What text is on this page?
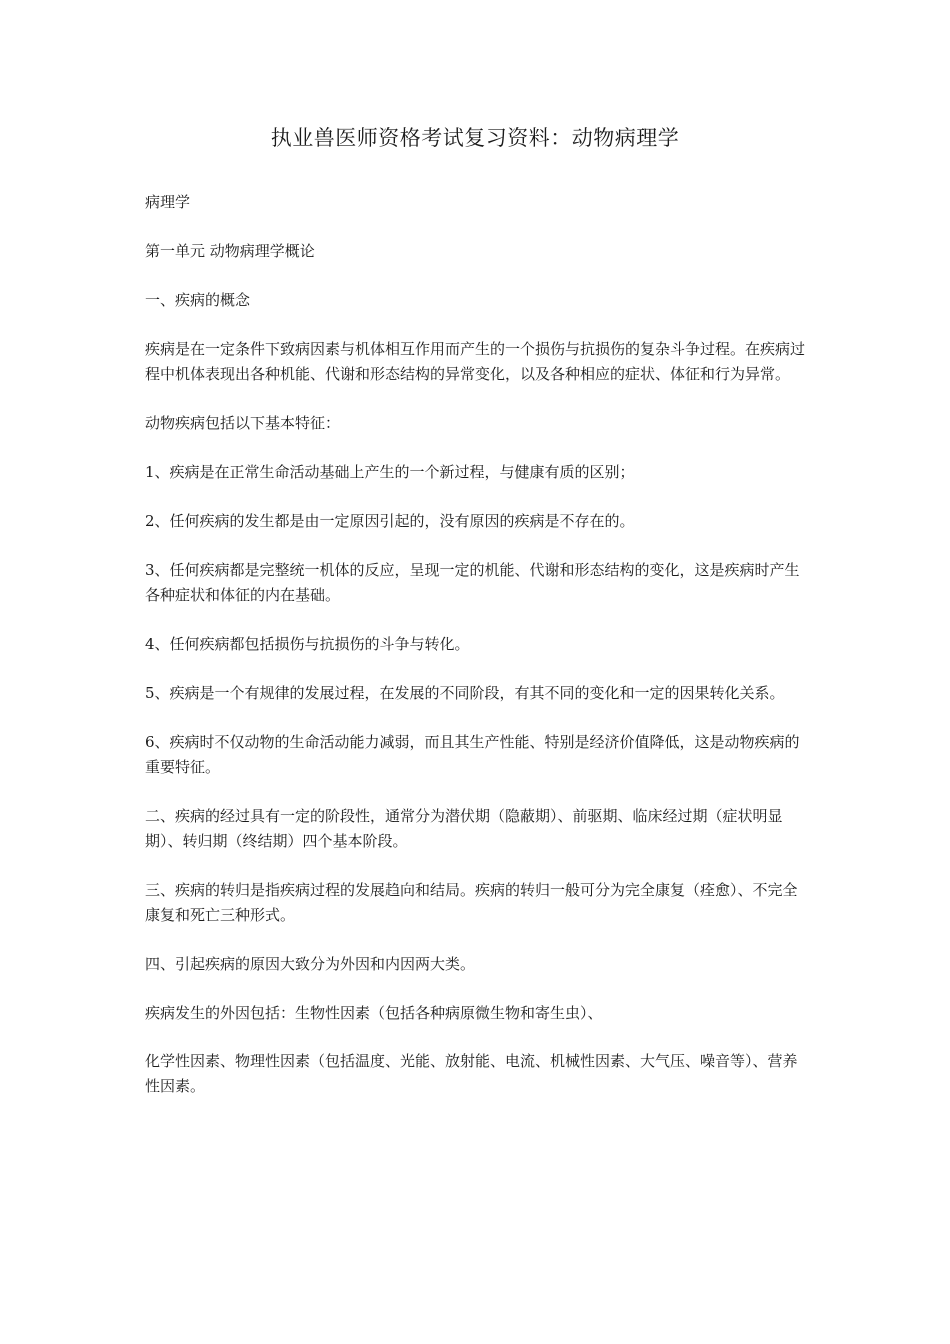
执业兽医师资格考试复习资料：动物病理学

病理学

第一单元 动物病理学概论

一、疾病的概念

疾病是在一定条件下致病因素与机体相互作用而产生的一个损伤与抗损伤的复杂斗争过程。在疾病过程中机体表现出各种机能、代谢和形态结构的异常变化，以及各种相应的症状、体征和行为异常。

动物疾病包括以下基本特征：

1、疾病是在正常生命活动基础上产生的一个新过程，与健康有质的区别；

2、任何疾病的发生都是由一定原因引起的，没有原因的疾病是不存在的。

3、任何疾病都是完整统一机体的反应，呈现一定的机能、代谢和形态结构的变化，这是疾病时产生各种症状和体征的内在基础。

4、任何疾病都包括损伤与抗损伤的斗争与转化。

5、疾病是一个有规律的发展过程，在发展的不同阶段，有其不同的变化和一定的因果转化关系。

6、疾病时不仅动物的生命活动能力减弱，而且其生产性能、特别是经济价值降低，这是动物疾病的重要特征。

二、疾病的经过具有一定的阶段性，通常分为潜伏期（隐蔽期）、前驱期、临床经过期（症状明显期）、转归期（终结期）四个基本阶段。

三、疾病的转归是指疾病过程的发展趋向和结局。疾病的转归一般可分为完全康复（痊愈）、不完全康复和死亡三种形式。

四、引起疾病的原因大致分为外因和内因两大类。

疾病发生的外因包括：生物性因素（包括各种病原微生物和寄生虫）、

化学性因素、物理性因素（包括温度、光能、放射能、电流、机械性因素、大气压、噪音等）、营养性因素。
